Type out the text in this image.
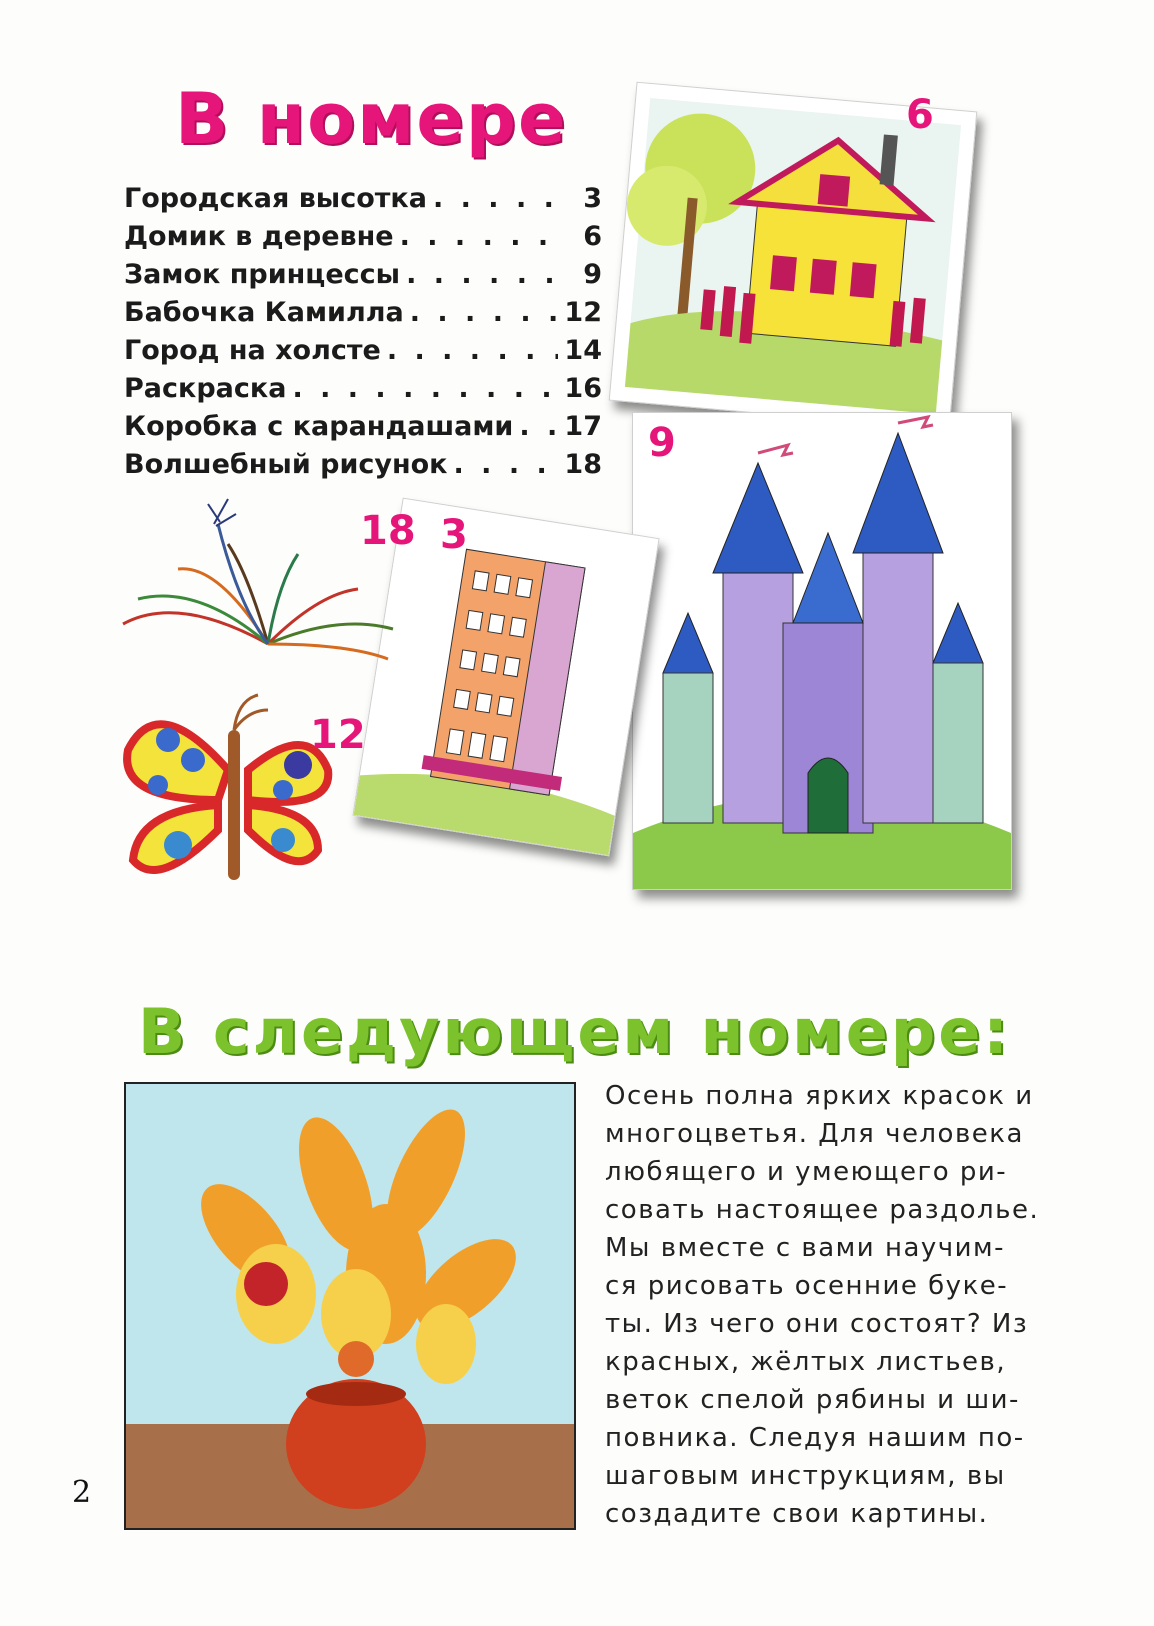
В номере
Городская высотка . . .	3
Домик в деревне . . .	6
Замок принцессы . . .	9
Бабочка Камилла . . .	12
Город на холсте . . .	14
Раскраска . . .	16
Коробка с карандашами . . . 17
Волшебный рисунок . . .	18
6
9
3
18
12
В следующем номере:

Осень полна ярких красок и

многоцветья. Для человека

любящего и умеющего ри-

совать настоящее раздолье.

Мы вместе с вами научим-

ся рисовать осенние буке-

ты. Из чего они состоят? Из

красных, жёлтых листьев,

веток спелой рябины и ши-

повника. Следуя нашим по-

шаговым инструкциям, вы

создадите свои картины.

2
